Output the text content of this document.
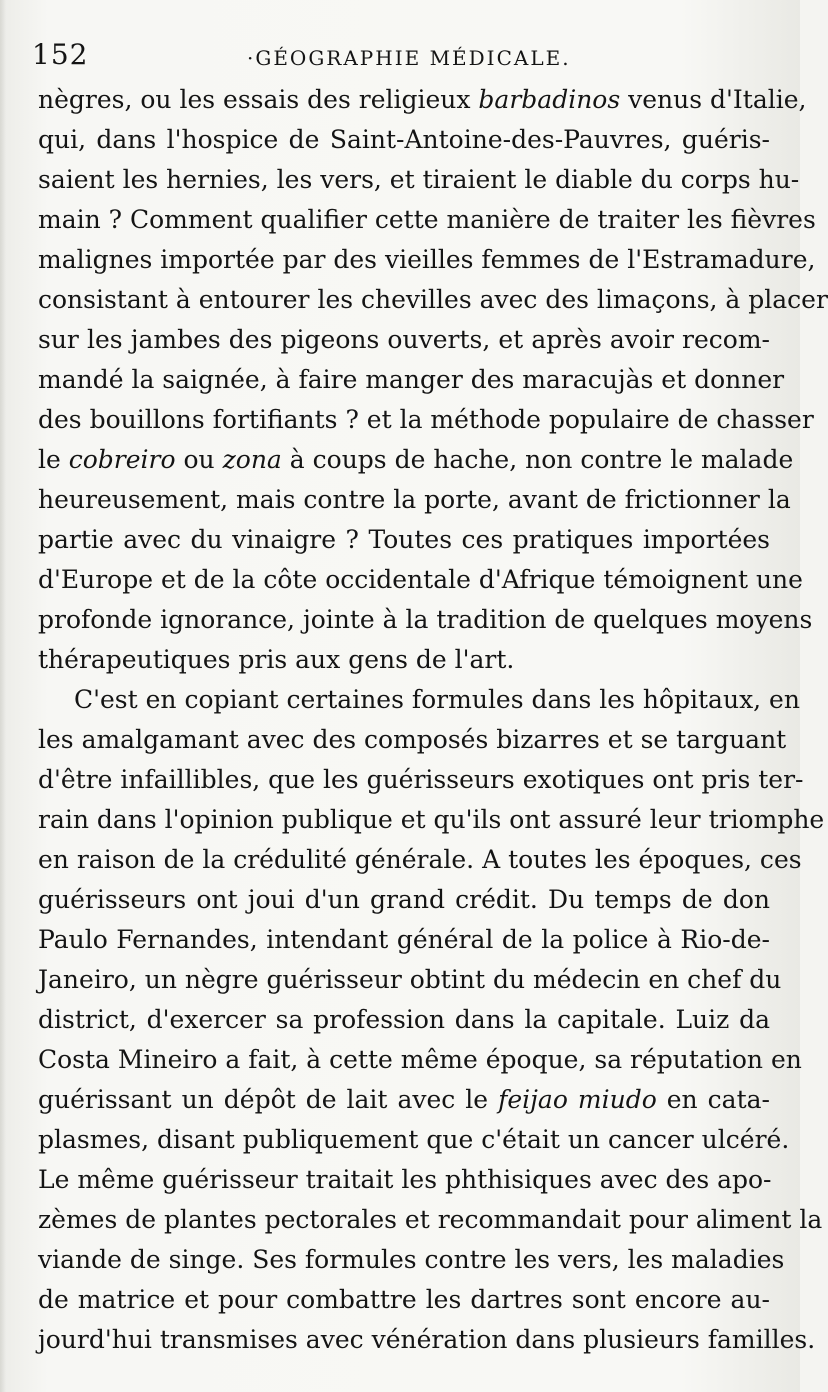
152	·GÉOGRAPHIE MÉDICALE.
nègres, ou les essais des religieux barbadinos venus d'Italie,
qui, dans l'hospice de Saint-Antoine-des-Pauvres, guéris-
saient les hernies, les vers, et tiraient le diable du corps hu-
main ? Comment qualifier cette manière de traiter les fièvres
malignes importée par des vieilles femmes de l'Estramadure,
consistant à entourer les chevilles avec des limaçons, à placer
sur les jambes des pigeons ouverts, et après avoir recom-
mandé la saignée, à faire manger des maracujàs et donner
des bouillons fortifiants ? et la méthode populaire de chasser
le cobreiro ou zona à coups de hache, non contre le malade
heureusement, mais contre la porte, avant de frictionner la
partie avec du vinaigre ? Toutes ces pratiques importées
d'Europe et de la côte occidentale d'Afrique témoignent une
profonde ignorance, jointe à la tradition de quelques moyens
thérapeutiques pris aux gens de l'art.
C'est en copiant certaines formules dans les hôpitaux, en
les amalgamant avec des composés bizarres et se targuant
d'être infaillibles, que les guérisseurs exotiques ont pris ter-
rain dans l'opinion publique et qu'ils ont assuré leur triomphe
en raison de la crédulité générale. A toutes les époques, ces
guérisseurs ont joui d'un grand crédit. Du temps de don
Paulo Fernandes, intendant général de la police à Rio-de-
Janeiro, un nègre guérisseur obtint du médecin en chef du
district, d'exercer sa profession dans la capitale. Luiz da
Costa Mineiro a fait, à cette même époque, sa réputation en
guérissant un dépôt de lait avec le feijao miudo en cata-
plasmes, disant publiquement que c'était un cancer ulcéré.
Le même guérisseur traitait les phthisiques avec des apo-
zèmes de plantes pectorales et recommandait pour aliment la
viande de singe. Ses formules contre les vers, les maladies
de matrice et pour combattre les dartres sont encore au-
jourd'hui transmises avec vénération dans plusieurs familles.
